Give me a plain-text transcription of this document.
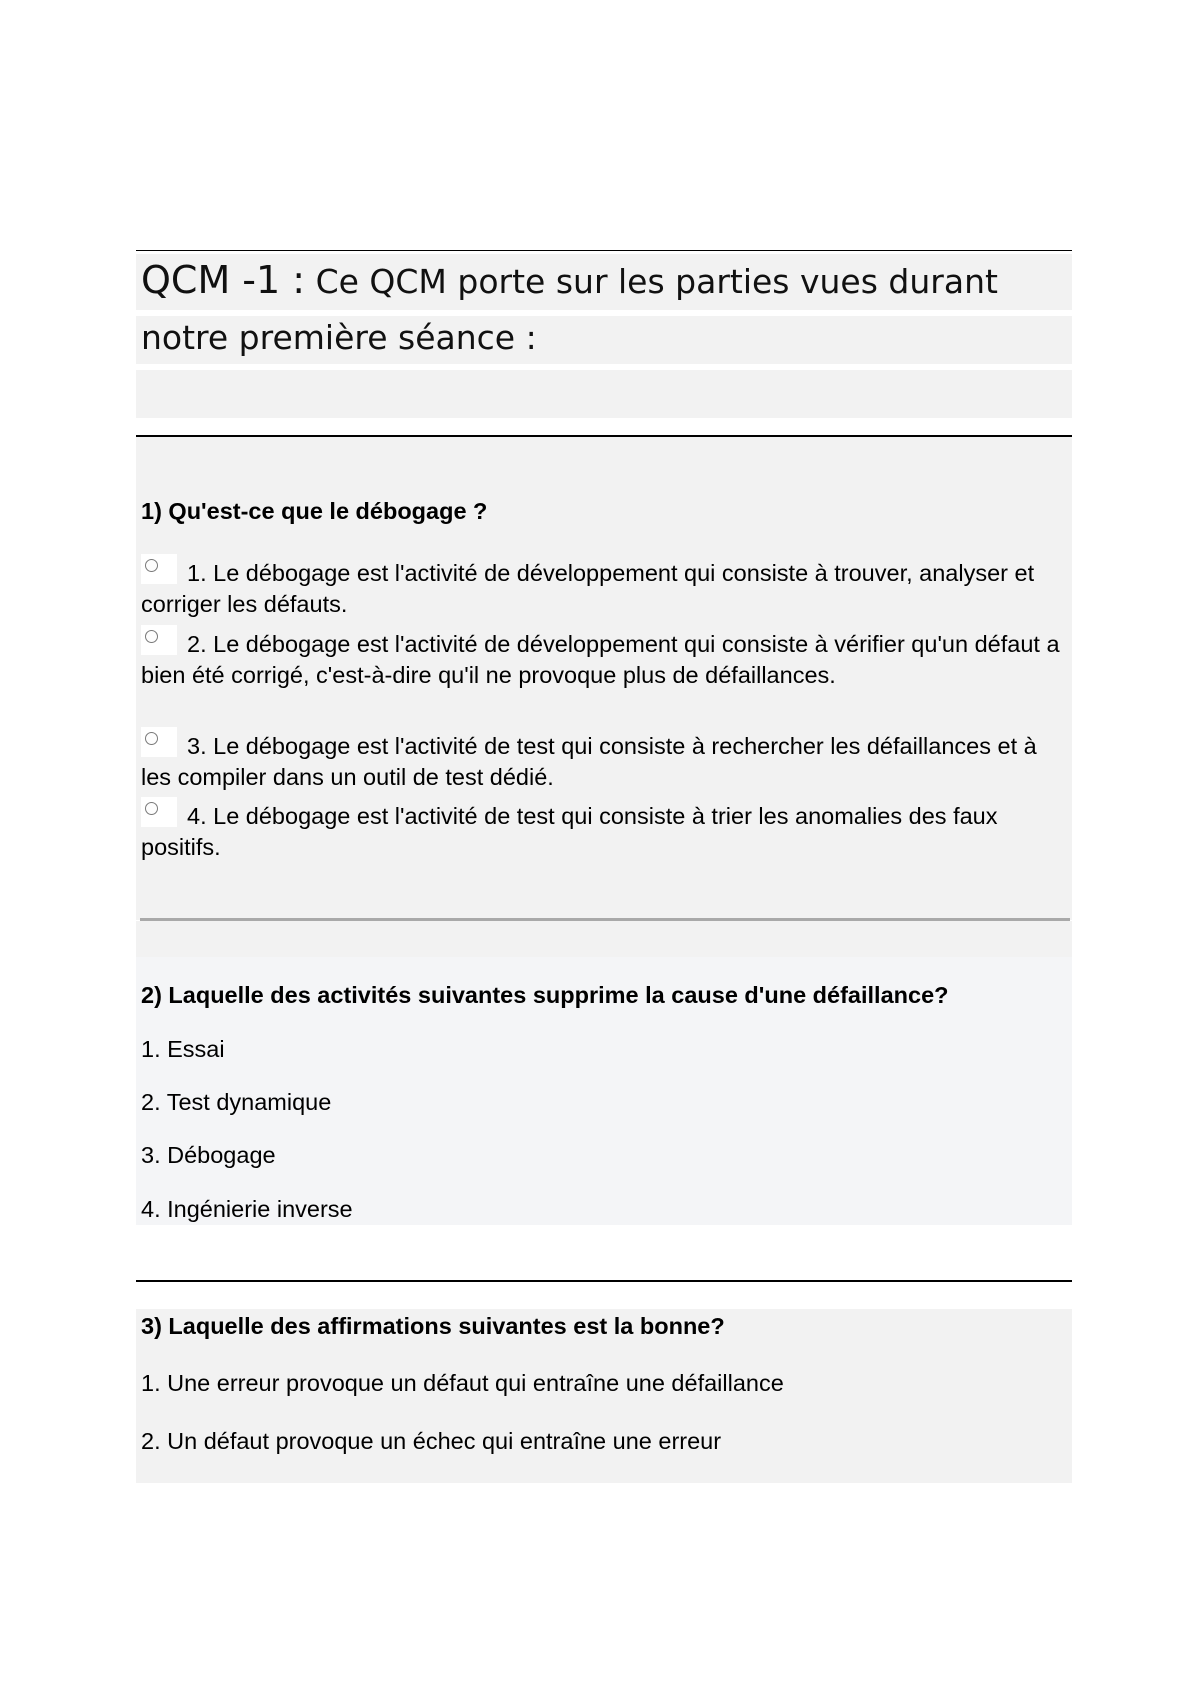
QCM -1 : Ce QCM porte sur les parties vues durant
notre première séance :
1) Qu'est-ce que le débogage ?
1. Le débogage est l'activité de développement qui consiste à trouver, analyser et corriger les défauts.
2. Le débogage est l'activité de développement qui consiste à vérifier qu'un défaut a bien été corrigé, c'est-à-dire qu'il ne provoque plus de défaillances.
3. Le débogage est l'activité de test qui consiste à rechercher les défaillances et à les compiler dans un outil de test dédié.
4. Le débogage est l'activité de test qui consiste à trier les anomalies des faux positifs.
2) Laquelle des activités suivantes supprime la cause d'une défaillance?
1. Essai
2. Test dynamique
3. Débogage
4. Ingénierie inverse
3) Laquelle des affirmations suivantes est la bonne?
1. Une erreur provoque un défaut qui entraîne une défaillance
2. Un défaut provoque un échec qui entraîne une erreur
